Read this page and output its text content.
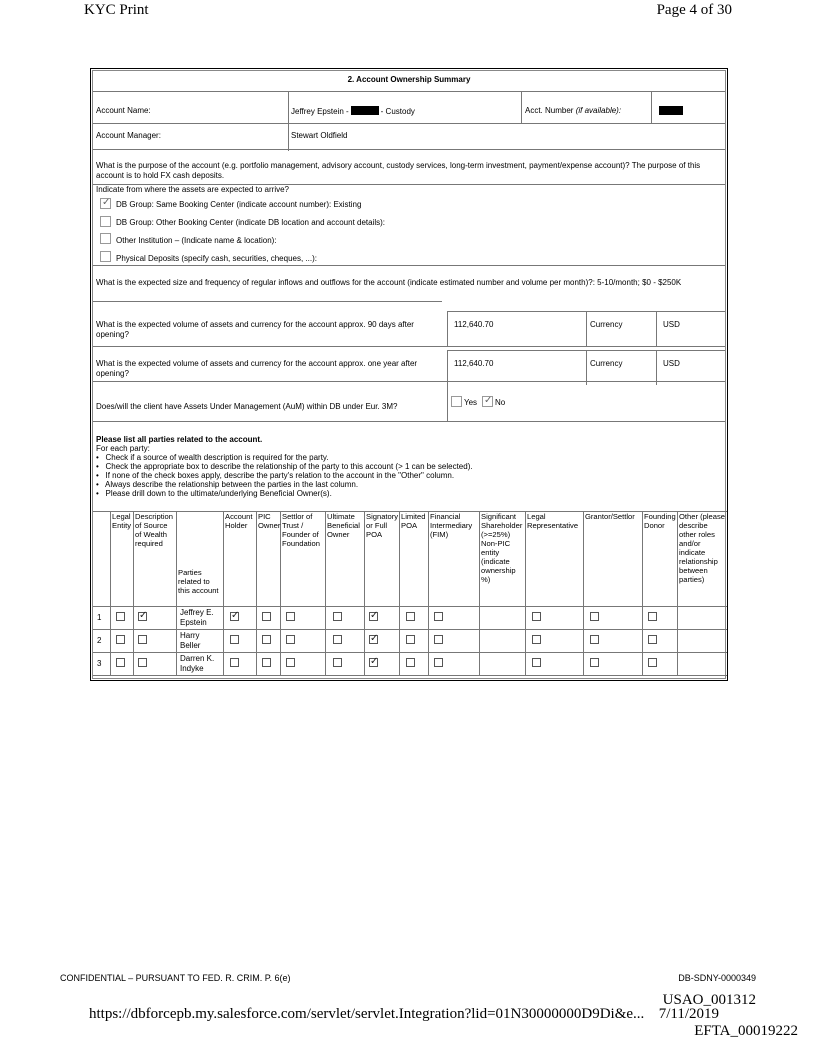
KYC Print	Page 4 of 30
2. Account Ownership Summary
Account Name:	Jeffrey Epstein -	- Custody	Acct. Number (if available):
Account Manager:	Stewart Oldfield
What is the purpose of the account (e.g. portfolio management, advisory account, custody services, long-term investment, payment/expense account)? The purpose of this account is to hold FX cash deposits.
Indicate from where the assets are expected to arrive?
✓
DB Group: Same Booking Center (indicate account number): Existing
DB Group: Other Booking Center (indicate DB location and account details):
Other Institution – (Indicate name & location):
Physical Deposits (specify cash, securities, cheques, ...):
What is the expected size and frequency of regular inflows and outflows for the account (indicate estimated number and volume per month)?: 5-10/month; $0 - $250K
What is the expected volume of assets and currency for the account approx. 90 days after opening?
112,640.70	Currency	USD
What is the expected volume of assets and currency for the account approx. one year after opening?
112,640.70	Currency	USD
Does/will the client have Assets Under Management (AuM) within DB under Eur. 3M?	Yes
✓ No
Please list all parties related to the account.
For each party:
• Check if a source of wealth description is required for the party.
• Check the appropriate box to describe the relationship of the party to this account (> 1 can be selected).
• If none of the check boxes apply, describe the party's relation to the account in the "Other" column.
• Always describe the relationship between the parties in the last column.
• Please drill down to the ultimate/underlying Beneficial Owner(s).
Legal Entity
Description of Source of Wealth required
Parties related to this account
Account Holder
PIC Owner
Settlor of Trust / Founder of Foundation
Ultimate Beneficial Owner
Signatory or Full POA
Limited POA
Financial Intermediary (FIM)
Significant Shareholder (>=25%) Non-PIC entity (indicate ownership %)
Legal Representative
Grantor/Settlor	Founding Donor
Other (please describe other roles and/or indicate relationship between parties)
1
✓
Jeffrey E.
Epstein
✓
✓
2
Harry
Beller
✓
3
Darren K.
Indyke
✓
CONFIDENTIAL – PURSUANT TO FED. R. CRIM. P. 6(e)	DB-SDNY-0000349
USAO_001312
https://dbforcepb.my.salesforce.com/servlet/servlet.Integration?lid=01N30000000D9Di&e... 7/11/2019
EFTA_00019222
